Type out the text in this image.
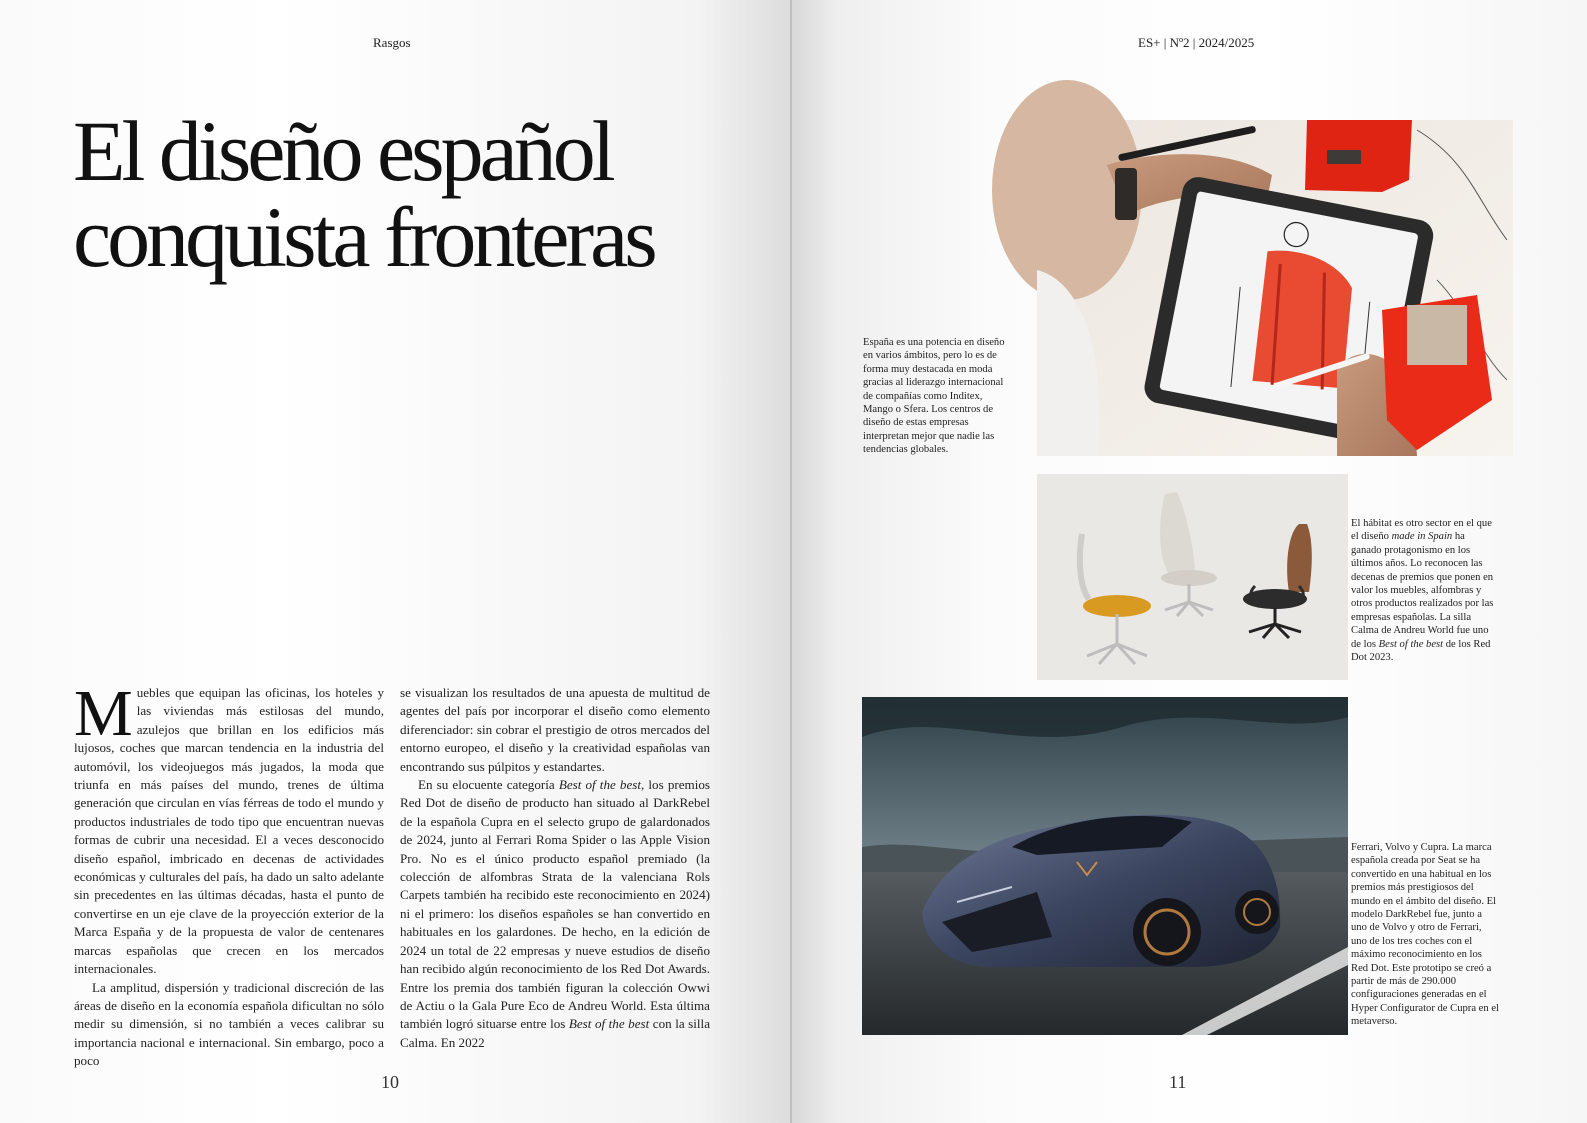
Rasgos
El diseño español
conquista fronteras

Muebles que equipan las oficinas, los hoteles y las viviendas más estilosas del mundo, azulejos que brillan en los edificios más lujosos, coches que marcan tendencia en la industria del automóvil, los videojuegos más jugados, la moda que triunfa en más países del mundo, trenes de última generación que circulan en vías férreas de todo el mundo y productos industriales de todo tipo que encuentran nuevas formas de cubrir una necesidad. El a veces desconocido diseño español, imbricado en decenas de actividades económicas y culturales del país, ha dado un salto adelante sin precedentes en las últimas décadas, hasta el punto de convertirse en un eje clave de la proyección exterior de la Marca España y de la propuesta de valor de centenares marcas españolas que crecen en los mercados internacionales.

La amplitud, dispersión y tradicional discreción de las áreas de diseño en la economía española dificultan no sólo medir su dimensión, si no también a veces calibrar su importancia nacional e internacional. Sin embargo, poco a poco

se visualizan los resultados de una apuesta de multitud de agentes del país por incorporar el diseño como elemento diferenciador: sin cobrar el prestigio de otros mercados del entorno europeo, el diseño y la creatividad españolas van encontrando sus púlpitos y estandartes.

En su elocuente categoría Best of the best, los premios Red Dot de diseño de producto han situado al DarkRebel de la española Cupra en el selecto grupo de galardonados de 2024, junto al Ferrari Roma Spider o las Apple Vision Pro. No es el único producto español premiado (la colección de alfombras Strata de la valenciana Rols Carpets también ha recibido este reconocimiento en 2024) ni el primero: los diseños españoles se han convertido en habituales en los galardones. De hecho, en la edición de 2024 un total de 22 empresas y nueve estudios de diseño han recibido algún reconocimiento de los Red Dot Awards. Entre los premia dos también figuran la colección Owwi de Actiu o la Gala Pure Eco de Andreu World. Esta última también logró situarse entre los Best of the best con la silla Calma. En 2022

10
ES+ | Nº2 | 2024/2025

España es una potencia en diseño en varios ámbitos, pero lo es de forma muy destacada en moda gracias al liderazgo internacional de compañías como Inditex, Mango o Sfera. Los centros de diseño de estas empresas interpretan mejor que nadie las tendencias globales.

El hábitat es otro sector en el que el diseño made in Spain ha ganado protagonismo en los últimos años. Lo reconocen las decenas de premios que ponen en valor los muebles, alfombras y otros productos realizados por las empresas españolas. La silla Calma de Andreu World fue uno de los Best of the best de los Red Dot 2023.

Ferrari, Volvo y Cupra. La marca española creada por Seat se ha convertido en una habitual en los premios más prestigiosos del mundo en el ámbito del diseño. El modelo DarkRebel fue, junto a uno de Volvo y otro de Ferrari, uno de los tres coches con el máximo reconocimiento en los Red Dot. Este prototipo se creó a partir de más de 290.000 configuraciones generadas en el Hyper Configurator de Cupra en el metaverso.

11
